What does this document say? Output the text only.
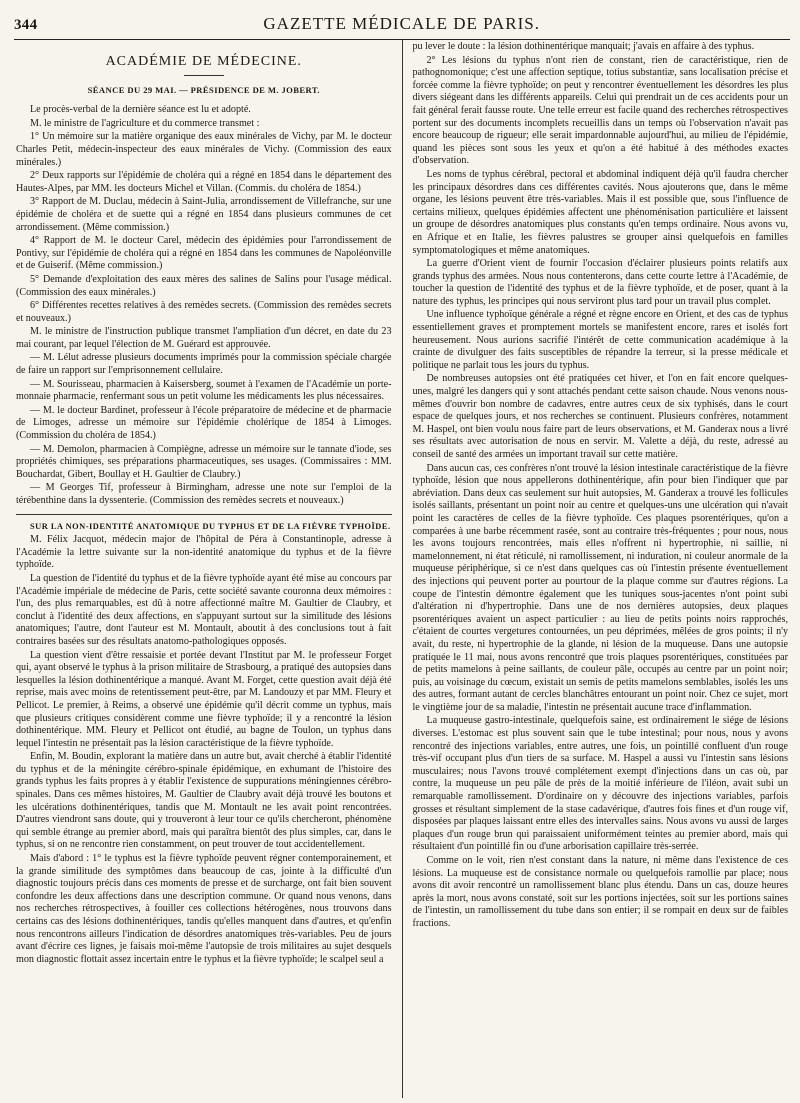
344	GAZETTE MÉDICALE DE PARIS.
ACADÉMIE DE MÉDECINE.
SÉANCE DU 29 MAI. — PRÉSIDENCE DE M. JOBERT.

Le procès-verbal de la dernière séance est lu et adopté.

M. le ministre de l'agriculture et du commerce transmet :

1° Un mémoire sur la matière organique des eaux minérales de Vichy, par M. le docteur Charles Petit, médecin-inspecteur des eaux minérales de Vichy. (Commission des eaux minérales.)

2° Deux rapports sur l'épidémie de choléra qui a régné en 1854 dans le département des Hautes-Alpes, par MM. les docteurs Michel et Villan. (Commis. du choléra de 1854.)

3° Rapport de M. Duclau, médecin à Saint-Julia, arrondissement de Villefranche, sur une épidémie de choléra et de suette qui a régné en 1854 dans plusieurs communes de cet arrondissement. (Même commission.)

4° Rapport de M. le docteur Carel, médecin des épidémies pour l'arrondissement de Pontivy, sur l'épidémie de choléra qui a régné en 1854 dans les communes de Napoléonville et de Guiserif. (Même commission.)

5° Demande d'exploitation des eaux mères des salines de Salins pour l'usage médical. (Commission des eaux minérales.)

6° Différentes recettes relatives à des remèdes secrets. (Commission des remèdes secrets et nouveaux.)

M. le ministre de l'instruction publique transmet l'ampliation d'un décret, en date du 23 mai courant, par lequel l'élection de M. Guérard est approuvée.

— M. Lélut adresse plusieurs documents imprimés pour la commission spéciale chargée de faire un rapport sur l'emprisonnement cellulaire.

— M. Sourisseau, pharmacien à Kaisersberg, soumet à l'examen de l'Académie un porte-monnaie pharmacie, renfermant sous un petit volume les médicaments les plus nécessaires.

— M. le docteur Bardinet, professeur à l'école préparatoire de médecine et de pharmacie de Limoges, adresse un mémoire sur l'épidémie cholérique de 1854 à Limoges. (Commission du choléra de 1854.)

— M. Demolon, pharmacien à Compiègne, adresse un mémoire sur le tannate d'iode, ses propriétés chimiques, ses préparations pharmaceutiques, ses usages. (Commissaires : MM. Bouchardat, Gibert, Boullay et H. Gaultier de Claubry.)

— M Georges Tif, professeur à Birmingham, adresse une note sur l'emploi de la térébenthine dans la dyssenterie. (Commission des remèdes secrets et nouveaux.)

SUR LA NON-IDENTITÉ ANATOMIQUE DU TYPHUS ET DE LA FIÈVRE TYPHOÏDE.

M. Félix Jacquot, médecin major de l'hôpital de Péra à Constantinople, adresse à l'Académie la lettre suivante sur la non-identité anatomique du typhus et de la fièvre typhoïde.

La question de l'identité du typhus et de la fièvre typhoïde ayant été mise au concours par l'Académie impériale de médecine de Paris, cette société savante couronna deux mémoires : l'un, des plus remarquables, est dû à notre affectionné maître M. Gaultier de Claubry, et conclut à l'identité des deux affections, en s'appuyant surtout sur la similitude des lésions anatomiques; l'autre, dont l'auteur est M. Montault, aboutit à des conclusions tout à fait contraires basées sur des résultats anatomo-pathologiques opposés.

La question vient d'être ressaisie et portée devant l'Institut par M. le professeur Forget qui, ayant observé le typhus à la prison militaire de Strasbourg, a pratiqué des autopsies dans lesquelles la lésion dothinentérique a manqué. Avant M. Forget, cette question avait déjà été reprise, mais avec moins de retentissement peut-être, par M. Landouzy et par MM. Fleury et Pellicot. Le premier, à Reims, a observé une épidémie qu'il décrit comme un typhus, mais que plusieurs critiques considèrent comme une fièvre typhoïde; il y a rencontré la lésion dothinentérique. MM. Fleury et Pellicot ont étudié, au bagne de Toulon, un typhus dans lequel l'intestin ne présentait pas la lésion caractéristique de la fièvre typhoïde.

Enfin, M. Boudin, explorant la matière dans un autre but, avait cherché à établir l'identité du typhus et de la méningite cérébro-spinale épidémique, en exhumant de l'histoire des grands typhus les faits propres à y établir l'existence de suppurations méningiennes cérébro-spinales. Dans ces mêmes histoires, M. Gaultier de Claubry avait déjà trouvé les boutons et les ulcérations dothinentériques, tandis que M. Montault ne les avait point rencontrées. D'autres viendront sans doute, qui y trouveront à leur tour ce qu'ils chercheront, phénomène qui semble étrange au premier abord, mais qui paraîtra bientôt des plus simples, car, dans le typhus, si on ne rencontre rien constamment, on peut trouver de tout accidentellement.

Mais d'abord : 1° le typhus est la fièvre typhoïde peuvent régner contemporainement, et la grande similitude des symptômes dans beaucoup de cas, jointe à la difficulté d'un diagnostic toujours précis dans ces moments de presse et de surcharge, ont fait bien souvent confondre les deux affections dans une description commune. Or quand nous venons, dans nos recherches rétrospectives, à fouiller ces collections hétérogènes, nous trouvons dans certains cas des lésions dothinentériques, tandis qu'elles manquent dans d'autres, et qu'enfin nous rencontrons ailleurs l'indication de désordres anatomiques très-variables. Peu de jours avant d'écrire ces lignes, je faisais moi-même l'autopsie de trois militaires au sujet desquels mon diagnostic flottait assez incertain entre le typhus et la fièvre typhoïde; le scalpel seul a

pu lever le doute : la lésion dothinentérique manquait; j'avais en affaire à des typhus.

2° Les lésions du typhus n'ont rien de constant, rien de caractéristique, rien de pathognomonique; c'est une affection septique, totius substantiæ, sans localisation précise et forcée comme la fièvre typhoïde; on peut y rencontrer éventuellement les désordres les plus divers siégeant dans les différents appareils. Celui qui prendrait un de ces accidents pour un fait général ferait fausse route. Une telle erreur est facile quand des recherches rétrospectives portent sur des documents incomplets recueillis dans un temps où l'observation n'avait pas encore beaucoup de rigueur; elle serait impardonnable aujourd'hui, au milieu de l'épidémie, quand les pièces sont sous les yeux et qu'on a été habitué à des méthodes exactes d'observation.

Les noms de typhus cérébral, pectoral et abdominal indiquent déjà qu'il faudra chercher les principaux désordres dans ces différentes cavités. Nous ajouterons que, dans le même organe, les lésions peuvent être très-variables. Mais il est possible que, sous l'influence de certains milieux, quelques épidémies affectent une phénoménisation particulière et laissent un groupe de désordres anatomiques plus constants qu'en temps ordinaire. Nous avons vu, en Afrique et en Italie, les fièvres palustres se grouper ainsi quelquefois en familles symptomatologiques et même anatomiques.

La guerre d'Orient vient de fournir l'occasion d'éclairer plusieurs points relatifs aux grands typhus des armées. Nous nous contenterons, dans cette courte lettre à l'Académie, de toucher la question de l'identité des typhus et de la fièvre typhoïde, et de poser, quant à la nature des typhus, les principes qui nous serviront plus tard pour un travail plus complet.

Une influence typhoïque générale a régné et règne encore en Orient, et des cas de typhus essentiellement graves et promptement mortels se manifestent encore, rares et isolés fort heureusement. Nous aurions sacrifié l'intérêt de cette communication académique à la crainte de divulguer des faits susceptibles de répandre la terreur, si la presse médicale et politique ne parlait tous les jours du typhus.

De nombreuses autopsies ont été pratiquées cet hiver, et l'on en fait encore quelques-unes, malgré les dangers qui y sont attachés pendant cette saison chaude. Nous venons nous-mêmes d'ouvrir bon nombre de cadavres, entre autres ceux de six typhisés, dans le court espace de quelques jours, et nos recherches se continuent. Plusieurs confrères, notamment M. Haspel, ont bien voulu nous faire part de leurs observations, et M. Ganderax nous a livré ses résultats avec autorisation de nous en servir. M. Valette a déjà, du reste, adressé au conseil de santé des armées un important travail sur cette matière.

Dans aucun cas, ces confrères n'ont trouvé la lésion intestinale caractéristique de la fièvre typhoïde, lésion que nous appellerons dothinentérique, afin pour bien l'indiquer que par abréviation. Dans deux cas seulement sur huit autopsies, M. Ganderax a trouvé les follicules isolés saillants, présentant un point noir au centre et quelques-uns une ulcération qui n'avait point les caractères de celles de la fièvre typhoïde. Ces plaques psorentériques, qu'on a comparées à une barbe récemment rasée, sont au contraire très-fréquentes ; pour nous, nous les avons toujours rencontrées, mais elles n'offrent ni hypertrophie, ni saillie, ni mamelonnement, ni état réticulé, ni ramollissement, ni induration, ni couleur anormale de la muqueuse périphérique, si ce n'est dans quelques cas où l'intestin présente éventuellement des injections qui peuvent porter au pourtour de la plaque comme sur d'autres régions. La coupe de l'intestin démontre également que les tuniques sous-jacentes n'ont point subi d'altération ni d'hypertrophie. Dans une de nos dernières autopsies, deux plaques psorentériques avaient un aspect particulier : au lieu de petits points noirs rapprochés, c'étaient de courtes vergetures contournées, un peu déprimées, mêlées de gros points; il n'y avait, du reste, ni hypertrophie de la glande, ni lésion de la muqueuse. Dans une autopsie pratiquée le 11 mai, nous avons rencontré que trois plaques psorentériques, constituées par de petits mamelons à peine saillants, de couleur pâle, occupés au centre par un point noir; puis, au voisinage du cœcum, existait un semis de petits mamelons semblables, isolés les uns des autres, formant autant de cercles blanchâtres entourant un point noir. Chez ce sujet, mort le vingtième jour de sa maladie, l'intestin ne présentait aucune trace d'inflammation.

La muqueuse gastro-intestinale, quelquefois saine, est ordinairement le siége de lésions diverses. L'estomac est plus souvent sain que le tube intestinal; pour nous, nous y avons rencontré des injections variables, entre autres, une fois, un pointillé confluent d'un rouge très-vif occupant plus d'un tiers de sa surface. M. Haspel a aussi vu l'intestin sans lésions musculaires; nous l'avons trouvé complétement exempt d'injections dans un cas où, par contre, la muqueuse un peu pâle de près de la moitié inférieure de l'iléon, avait subi un remarquable ramollissement. D'ordinaire on y découvre des injections variables, parfois grosses et résultant simplement de la stase cadavérique, d'autres fois fines et d'un rouge vif, disposées par plaques laissant entre elles des intervalles sains. Nous avons vu aussi de larges plaques d'un rouge brun qui paraissaient uniformément teintes au premier abord, mais qui résultaient d'un pointillé fin ou d'une arborisation capillaire très-serrée.

Comme on le voit, rien n'est constant dans la nature, ni même dans l'existence de ces lésions. La muqueuse est de consistance normale ou quelquefois ramollie par place; nous avons dit avoir rencontré un ramollissement blanc plus étendu. Dans un cas, douze heures après la mort, nous avons constaté, soit sur les portions injectées, soit sur les portions saines de l'intestin, un ramollissement du tube dans son entier; il se rompait en deux sur de faibles fractions.
